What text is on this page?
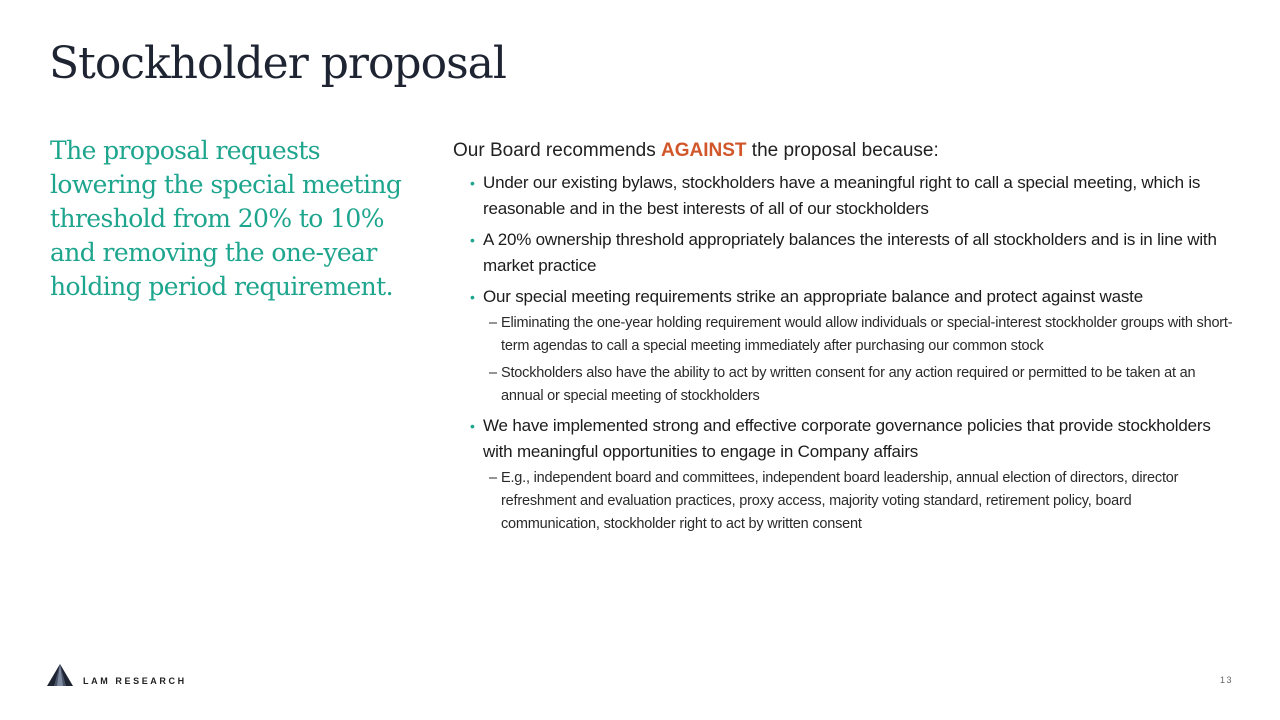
Stockholder proposal

The proposal requests lowering the special meeting threshold from 20% to 10% and removing the one-year holding period requirement.

Our Board recommends AGAINST the proposal because:

• Under our existing bylaws, stockholders have a meaningful right to call a special meeting, which is reasonable and in the best interests of all of our stockholders
• A 20% ownership threshold appropriately balances the interests of all stockholders and is in line with market practice
• Our special meeting requirements strike an appropriate balance and protect against waste
– Eliminating the one-year holding requirement would allow individuals or special-interest stockholder groups with short-term agendas to call a special meeting immediately after purchasing our common stock
– Stockholders also have the ability to act by written consent for any action required or permitted to be taken at an annual or special meeting of stockholders
• We have implemented strong and effective corporate governance policies that provide stockholders with meaningful opportunities to engage in Company affairs
– E.g., independent board and committees, independent board leadership, annual election of directors, director refreshment and evaluation practices, proxy access, majority voting standard, retirement policy, board communication, stockholder right to act by written consent
LAM RESEARCH	13
